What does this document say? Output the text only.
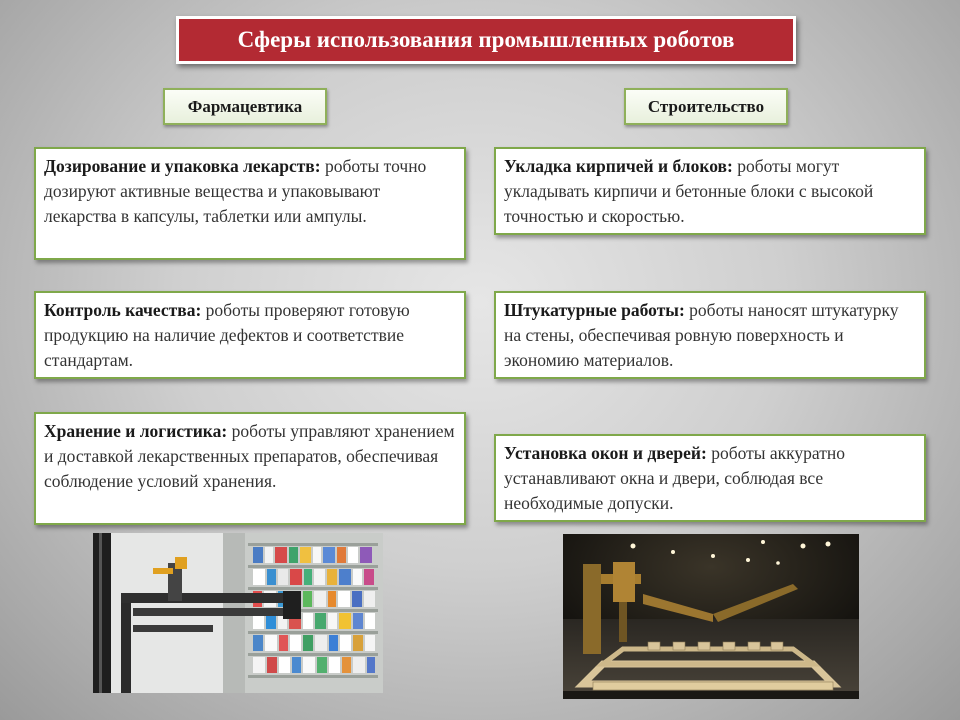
Сферы использования промышленных роботов
Фармацевтика
Дозирование и упаковка лекарств: роботы точно дозируют активные вещества и упаковывают лекарства в капсулы, таблетки или ампулы.
Контроль качества: роботы проверяют готовую продукцию на наличие дефектов и соответствие стандартам.
Хранение и логистика: роботы управляют хранением и доставкой лекарственных препаратов, обеспечивая соблюдение условий хранения.
Строительство
Укладка кирпичей и блоков: роботы могут укладывать кирпичи и бетонные блоки с высокой точностью и скоростью.
Штукатурные работы: роботы наносят штукатурку на стены, обеспечивая ровную поверхность и экономию материалов.
Установка окон и дверей: роботы аккуратно устанавливают окна и двери, соблюдая все необходимые допуски.
